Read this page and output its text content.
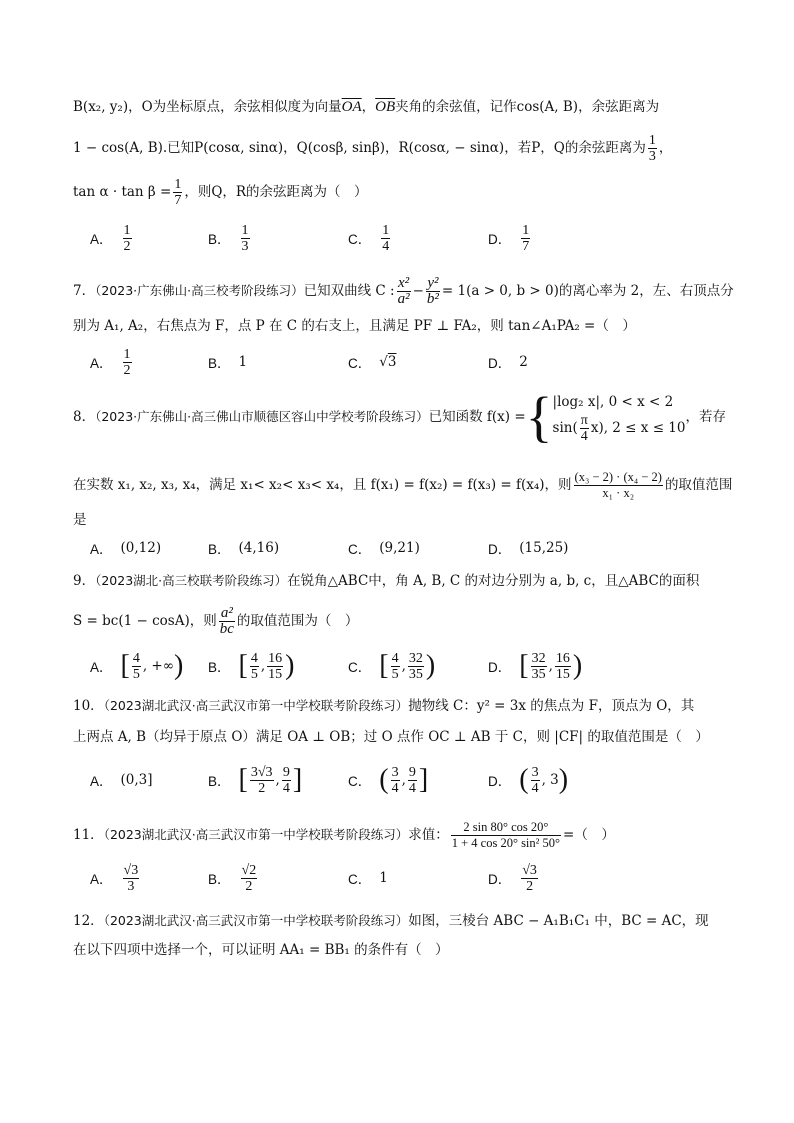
B(x₂, y₂)，O为坐标原点，余弦相似度为向量$\overline{OA}$，$\overline{OB}$夹角的余弦值，记作cos(A, B)，余弦距离为
1 − cos(A, B).已知P(cosα, sinα)，Q(cosβ, sinβ)，R(cosα, − sinα)，若P，Q的余弦距离为 $\frac{1}{3}$ ，
$\tan \alpha \cdot \tan \beta = \frac{1}{7}$ ，则Q，R的余弦距离为（　）
A． $\frac{1}{2}$	B． $\frac{1}{3}$	C． $\frac{1}{4}$	D． $\frac{1}{7}$
7．（2023·广东佛山·高三校考阶段练习）已知双曲线 C : $\frac{\text{x²}}{\text{a²}} - \frac{\text{y²}}{\text{b²}} = 1(a > 0$, b > 0)的离心率为 2，左、右顶点分
别为 A₁, A₂，右焦点为 F，点 P 在 C 的右支上，且满足 PF ⊥ FA₂，则 tan∠A₁PA₂ =（　）
A． $\frac{1}{2}$	B． 1	C． √ 3	D． 2
8．（2023·广东佛山·高三佛山市顺德区容山中学校考阶段练习）已知函数 f(x) ={ |log₂ x|, 0 < x < 2
$\sin( \frac{\pi}{4} x)$, 2 ≤ x ≤ 10
，若存
在实数 x₁, x₂, x₃, x₄，满足 x₁< x₂< x₃< x₄，且 f(x₁) = f(x₂) = f(x₃) = f(x₄)，则 $\frac{\text{(x₃ − 2) · (x₄ − 2)}}{\text{x₁ · x₂}}$ 的取值范围
是
A． (0,12)	B． (4,16)	C． (9,21)	D． (15,25)
9．（2023湖北·高三校联考阶段练习）在锐角△ABC中，角 A, B, C 的对边分别为 a, b, c，且△ABC的面积
S = bc(1 − cosA)，则 $\frac{\text{a²}}{bc}$ 的取值范围为（　）
A． [ $\frac{4}{5}$ , +∞ ) B． [ $\frac{4}{5}$ , $\frac{16}{15}$ )	C． [ $\frac{4}{5}$ , $\frac{32}{35}$ )	D． [ $\frac{32}{35}$ , $\frac{16}{15}$ )
10．（2023湖北武汉·高三武汉市第一中学校联考阶段练习）抛物线 C：y² = 3x 的焦点为 F，顶点为 O，其
上两点 A, B（均异于原点 O）满足 OA ⊥ OB；过 O 点作 OC ⊥ AB 于 C，则 |CF| 的取值范围是（　）
A． (0,3]	B． [ $\frac{3√3}{2}$ , $\frac{9}{4}$ ]	C． ( $\frac{3}{4}$ , $\frac{9}{4}$ ]	D． ( $\frac{3}{4}$ , 3 )
11．（2023湖北武汉·高三武汉市第一中学校联考阶段练习）求值： $\frac{2 \sin 80^\circ \cos 20^\circ}{\text{1 + 4 cos 20° sin² 50°}}$ =（　）
A． $\frac{√3}{3}$	B． $\frac{√2}{2}$	C． 1	D． $\frac{√3}{2}$
12．（2023湖北武汉·高三武汉市第一中学校联考阶段练习）如图，三棱台 ABC − A₁B₁C₁ 中，BC = AC，现
在以下四项中选择一个，可以证明 AA₁ = BB₁ 的条件有（　）
